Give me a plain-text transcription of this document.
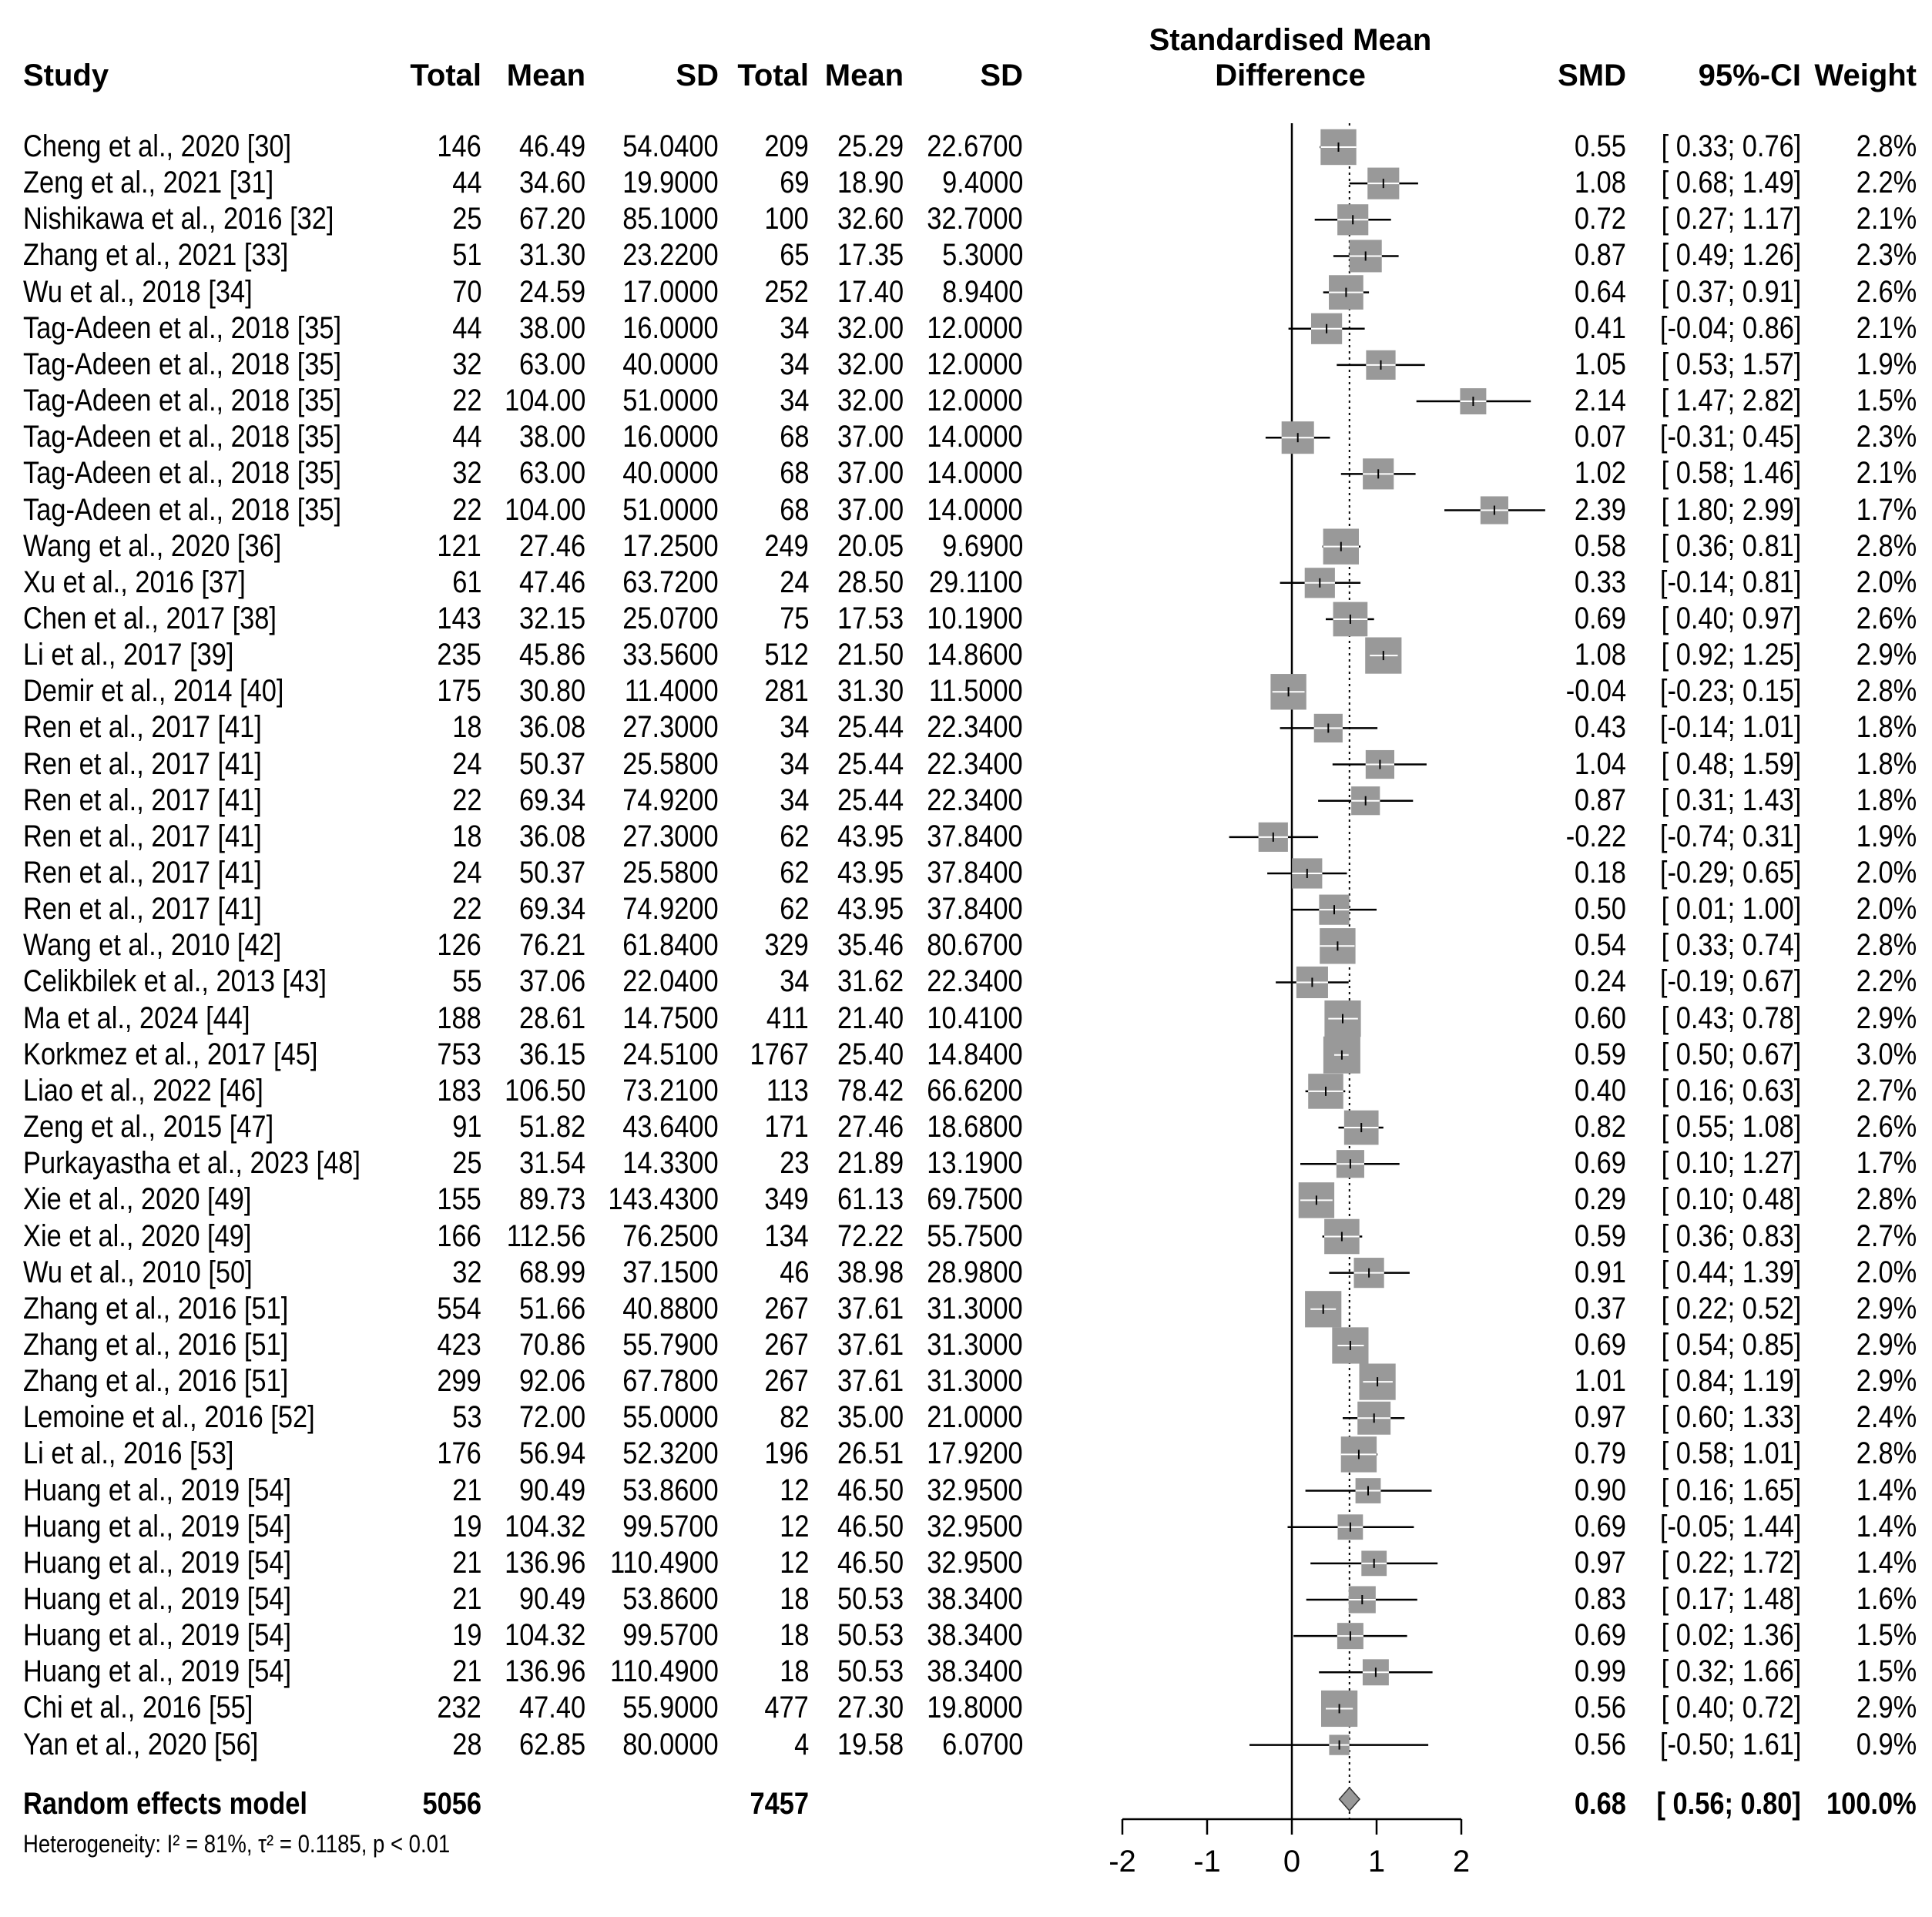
-2 -1 0 1 2
Study	Total Mean	SD Total Mean SD
Standardised Mean
Difference	SMD 95%-CI Weight
Cheng et al., 2020 [30]	146 46.49 54.0400 209 25.29 22.6700	0.55 [ 0.33; 0.76] 2.8%
Zeng et al., 2021 [31]	44 34.60 19.9000 69 18.90 9.4000	1.08 [ 0.68; 1.49] 2.2%
Nishikawa et al., 2016 [32]	25 67.20 85.1000 100 32.60 32.7000	0.72 [ 0.27; 1.17] 2.1%
Zhang et al., 2021 [33]	51 31.30 23.2200 65 17.35 5.3000	0.87 [ 0.49; 1.26] 2.3%
Wu et al., 2018 [34]	70 24.59 17.0000 252 17.40 8.9400	0.64 [ 0.37; 0.91] 2.6%
Tag-Adeen et al., 2018 [35]	44 38.00 16.0000 34 32.00 12.0000	0.41 [-0.04; 0.86] 2.1%
Tag-Adeen et al., 2018 [35]	32 63.00 40.0000 34 32.00 12.0000	1.05 [ 0.53; 1.57] 1.9%
Tag-Adeen et al., 2018 [35]	22 104.00 51.0000 34 32.00 12.0000	2.14 [ 1.47; 2.82] 1.5%
Tag-Adeen et al., 2018 [35]	44 38.00 16.0000 68 37.00 14.0000	0.07 [-0.31; 0.45] 2.3%
Tag-Adeen et al., 2018 [35]	32 63.00 40.0000 68 37.00 14.0000	1.02 [ 0.58; 1.46] 2.1%
Tag-Adeen et al., 2018 [35]	22 104.00 51.0000 68 37.00 14.0000	2.39 [ 1.80; 2.99] 1.7%
Wang et al., 2020 [36]	121 27.46 17.2500 249 20.05 9.6900	0.58 [ 0.36; 0.81] 2.8%
Xu et al., 2016 [37]	61 47.46 63.7200 24 28.50 29.1100	0.33 [-0.14; 0.81] 2.0%
Chen et al., 2017 [38]	143 32.15 25.0700 75 17.53 10.1900	0.69 [ 0.40; 0.97] 2.6%
Li et al., 2017 [39]	235 45.86 33.5600 512 21.50 14.8600	1.08 [ 0.92; 1.25] 2.9%
Demir et al., 2014 [40]	175 30.80 11.4000 281 31.30 11.5000	-0.04 [-0.23; 0.15] 2.8%
Ren et al., 2017 [41]	18 36.08 27.3000 34 25.44 22.3400	0.43 [-0.14; 1.01] 1.8%
Ren et al., 2017 [41]	24 50.37 25.5800 34 25.44 22.3400	1.04 [ 0.48; 1.59] 1.8%
Ren et al., 2017 [41]	22 69.34 74.9200 34 25.44 22.3400	0.87 [ 0.31; 1.43] 1.8%
Ren et al., 2017 [41]	18 36.08 27.3000 62 43.95 37.8400	-0.22 [-0.74; 0.31] 1.9%
Ren et al., 2017 [41]	24 50.37 25.5800 62 43.95 37.8400	0.18 [-0.29; 0.65] 2.0%
Ren et al., 2017 [41]	22 69.34 74.9200 62 43.95 37.8400	0.50 [ 0.01; 1.00] 2.0%
Wang et al., 2010 [42]	126 76.21 61.8400 329 35.46 80.6700	0.54 [ 0.33; 0.74] 2.8%
Celikbilek et al., 2013 [43]	55 37.06 22.0400 34 31.62 22.3400	0.24 [-0.19; 0.67] 2.2%
Ma et al., 2024 [44]	188 28.61 14.7500 411 21.40 10.4100	0.60 [ 0.43; 0.78] 2.9%
Korkmez et al., 2017 [45]	753 36.15 24.5100 1767 25.40 14.8400	0.59 [ 0.50; 0.67] 3.0%
Liao et al., 2022 [46]	183 106.50 73.2100 113 78.42 66.6200	0.40 [ 0.16; 0.63] 2.7%
Zeng et al., 2015 [47]	91 51.82 43.6400 171 27.46 18.6800	0.82 [ 0.55; 1.08] 2.6%
Purkayastha et al., 2023 [48]	25 31.54 14.3300 23 21.89 13.1900	0.69 [ 0.10; 1.27] 1.7%
Xie et al., 2020 [49]	155 89.73 143.4300 349 61.13 69.7500	0.29 [ 0.10; 0.48] 2.8%
Xie et al., 2020 [49]	166 112.56 76.2500 134 72.22 55.7500	0.59 [ 0.36; 0.83] 2.7%
Wu et al., 2010 [50]	32 68.99 37.1500 46 38.98 28.9800	0.91 [ 0.44; 1.39] 2.0%
Zhang et al., 2016 [51]	554 51.66 40.8800 267 37.61 31.3000	0.37 [ 0.22; 0.52] 2.9%
Zhang et al., 2016 [51]	423 70.86 55.7900 267 37.61 31.3000	0.69 [ 0.54; 0.85] 2.9%
Zhang et al., 2016 [51]	299 92.06 67.7800 267 37.61 31.3000	1.01 [ 0.84; 1.19] 2.9%
Lemoine et al., 2016 [52]	53 72.00 55.0000 82 35.00 21.0000	0.97 [ 0.60; 1.33] 2.4%
Li et al., 2016 [53]	176 56.94 52.3200 196 26.51 17.9200	0.79 [ 0.58; 1.01] 2.8%
Huang et al., 2019 [54]	21 90.49 53.8600 12 46.50 32.9500	0.90 [ 0.16; 1.65] 1.4%
Huang et al., 2019 [54]	19 104.32 99.5700 12 46.50 32.9500	0.69 [-0.05; 1.44] 1.4%
Huang et al., 2019 [54]	21 136.96 110.4900 12 46.50 32.9500	0.97 [ 0.22; 1.72] 1.4%
Huang et al., 2019 [54]	21 90.49 53.8600 18 50.53 38.3400	0.83 [ 0.17; 1.48] 1.6%
Huang et al., 2019 [54]	19 104.32 99.5700 18 50.53 38.3400	0.69 [ 0.02; 1.36] 1.5%
Huang et al., 2019 [54]	21 136.96 110.4900 18 50.53 38.3400	0.99 [ 0.32; 1.66] 1.5%
Chi et al., 2016 [55]	232 47.40 55.9000 477 27.30 19.8000	0.56 [ 0.40; 0.72] 2.9%
Yan et al., 2020 [56]	28 62.85 80.0000 4 19.58 6.0700	0.56 [-0.50; 1.61] 0.9%
Random effects model	5056	7457	0.68 [ 0.56; 0.80] 100.0%
Heterogeneity: I² = 81%, τ² = 0.1185, p < 0.01
